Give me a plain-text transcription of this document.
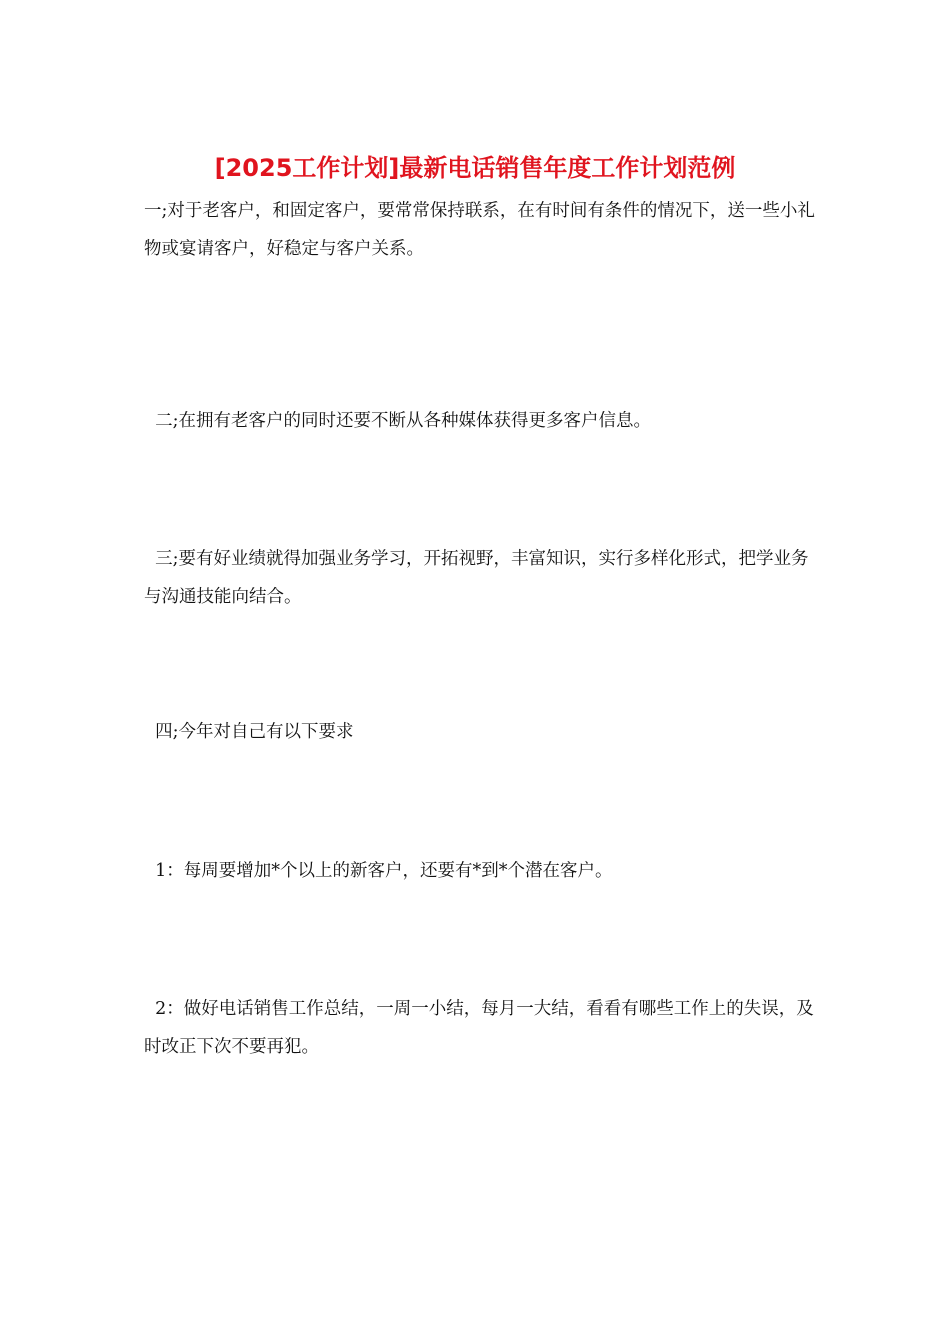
[2025工作计划]最新电话销售年度工作计划范例

一;对于老客户，和固定客户，要常常保持联系，在有时间有条件的情况下，送一些小礼物或宴请客户，好稳定与客户关系。

二;在拥有老客户的同时还要不断从各种媒体获得更多客户信息。

三;要有好业绩就得加强业务学习，开拓视野，丰富知识，实行多样化形式，把学业务与沟通技能向结合。

四;今年对自己有以下要求

1：每周要增加*个以上的新客户，还要有*到*个潜在客户。

2：做好电话销售工作总结，一周一小结，每月一大结，看看有哪些工作上的失误，及时改正下次不要再犯。
